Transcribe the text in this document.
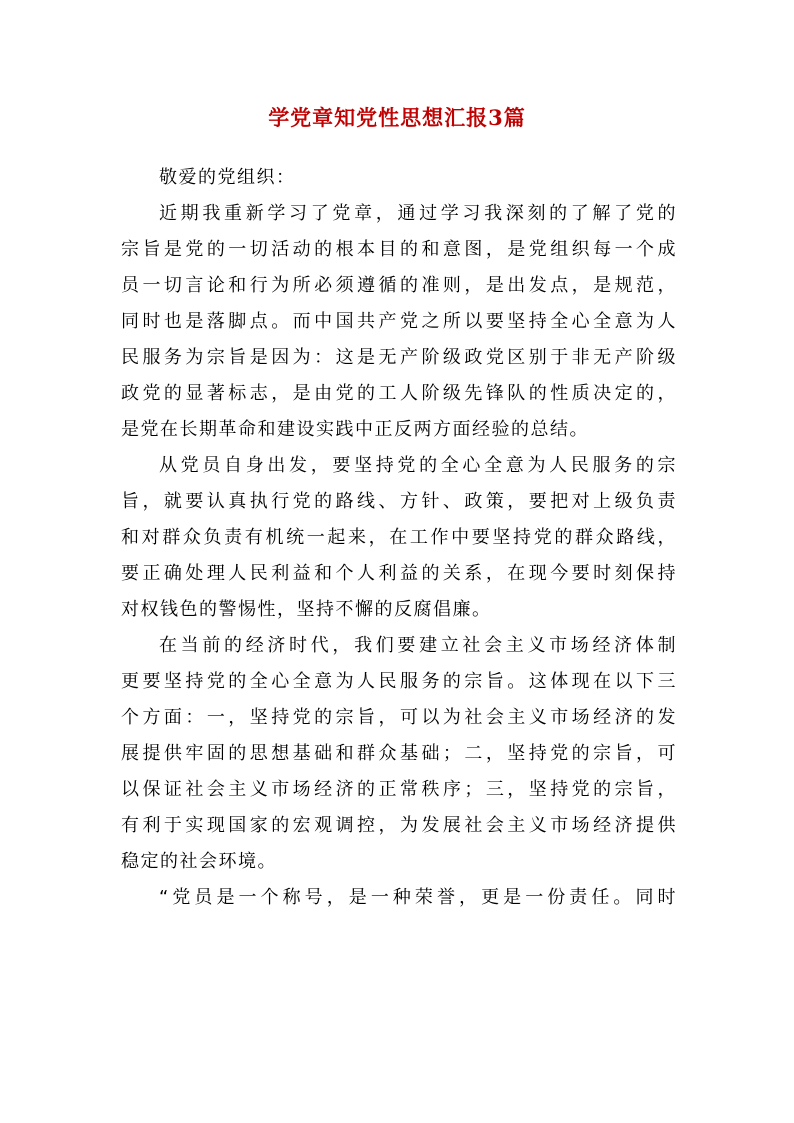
学党章知党性思想汇报3篇
敬爱的党组织：
近期我重新学习了党章，通过学习我深刻的了解了党的
宗旨是党的一切活动的根本目的和意图，是党组织每一个成
员一切言论和行为所必须遵循的准则，是出发点，是规范，
同时也是落脚点。而中国共产党之所以要坚持全心全意为人
民服务为宗旨是因为：这是无产阶级政党区别于非无产阶级
政党的显著标志，是由党的工人阶级先锋队的性质决定的，
是党在长期革命和建设实践中正反两方面经验的总结。
从党员自身出发，要坚持党的全心全意为人民服务的宗
旨，就要认真执行党的路线、方针、政策，要把对上级负责
和对群众负责有机统一起来，在工作中要坚持党的群众路线，
要正确处理人民利益和个人利益的关系，在现今要时刻保持
对权钱色的警惕性，坚持不懈的反腐倡廉。
在当前的经济时代，我们要建立社会主义市场经济体制
更要坚持党的全心全意为人民服务的宗旨。这体现在以下三
个方面：一，坚持党的宗旨，可以为社会主义市场经济的发
展提供牢固的思想基础和群众基础；二，坚持党的宗旨，可
以保证社会主义市场经济的正常秩序；三，坚持党的宗旨，
有利于实现国家的宏观调控，为发展社会主义市场经济提供
稳定的社会环境。
“党员是一个称号，是一种荣誉，更是一份责任。同时
